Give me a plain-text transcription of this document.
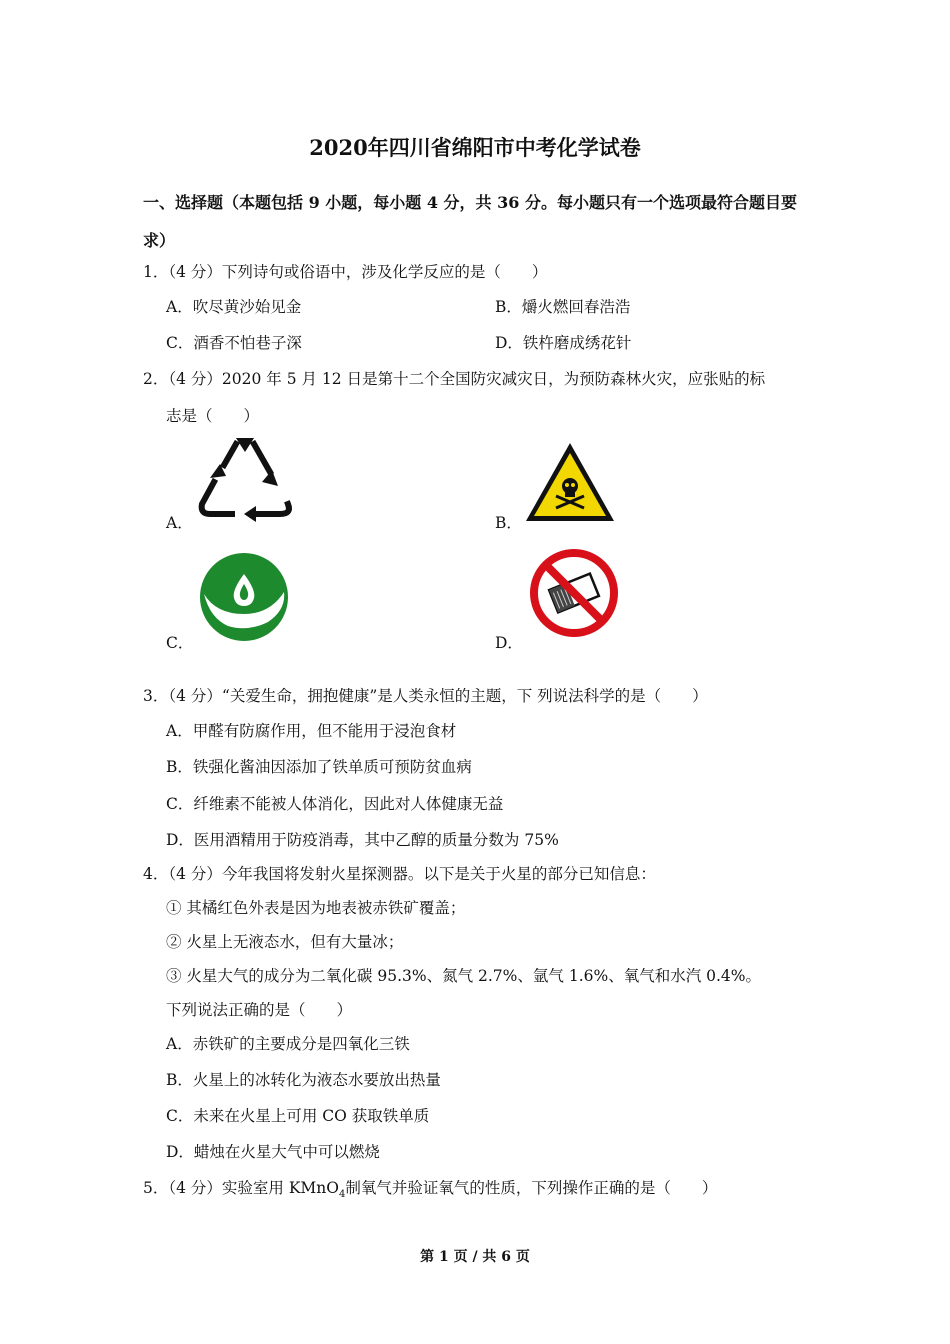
2020年四川省绵阳市中考化学试卷
一、选择题（本题包括 9 小题，每小题 4 分，共 36 分。每小题只有一个选项最符合题目要
求）
1．（4 分）下列诗句或俗语中，涉及化学反应的是（　　）
A．吹尽黄沙始见金	B．爝火燃回春浩浩
C．酒香不怕巷子深	D．铁杵磨成绣花针
2．（4 分）2020 年 5 月 12 日是第十二个全国防灾减灾日，为预防森林火灾，应张贴的标
志是（　　）
A．	B．
C．	D．
3．（4 分）“关爱生命，拥抱健康”是人类永恒的主题，下 列说法科学的是（　　）
A．甲醛有防腐作用，但不能用于浸泡食材
B．铁强化酱油因添加了铁单质可预防贫血病
C．纤维素不能被人体消化，因此对人体健康无益
D．医用酒精用于防疫消毒，其中乙醇的质量分数为 75%
4．（4 分）今年我国将发射火星探测器。以下是关于火星的部分已知信息：
① 其橘红色外表是因为地表被赤铁矿覆盖；
② 火星上无液态水，但有大量冰；
③ 火星大气的成分为二氧化碳 95.3%、氮气 2.7%、氩气 1.6%、氧气和水汽 0.4%。
下列说法正确的是（　　）
A．赤铁矿的主要成分是四氧化三铁
B．火星上的冰转化为液态水要放出热量
C．未来在火星上可用 CO 获取铁单质
D．蜡烛在火星大气中可以燃烧
5．（4 分）实验室用 KMnO$_4$制氧气并验证氧气的性质，下列操作正确的是（　　）
第 1 页 / 共 6 页
